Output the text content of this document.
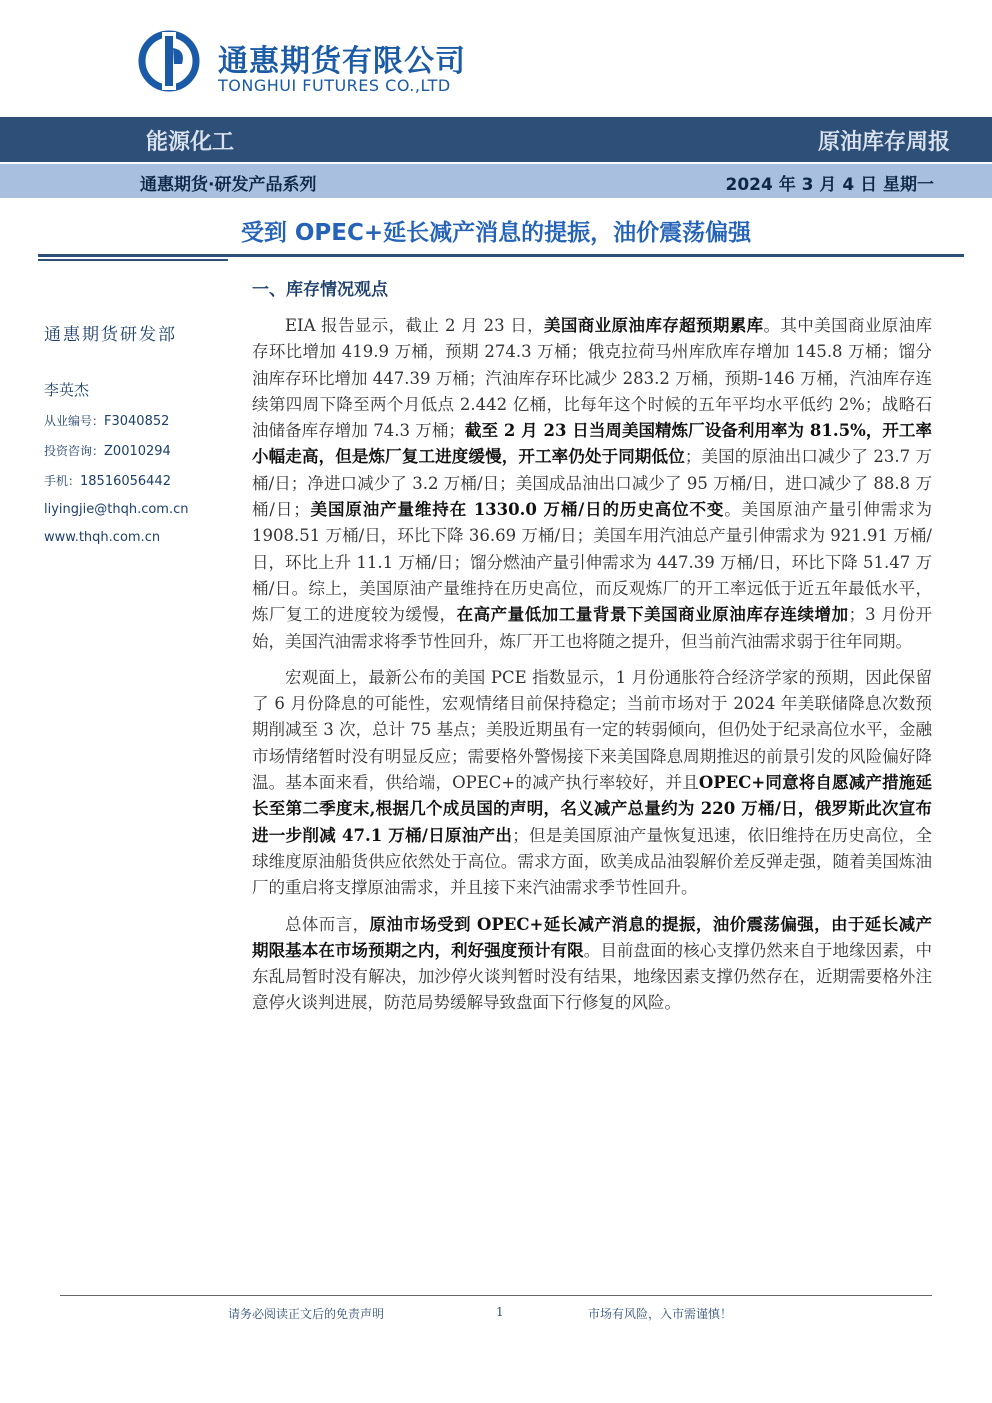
通惠期货有限公司
TONGHUI FUTURES CO.,LTD
能源化工	原油库存周报
通惠期货·研发产品系列	2024 年 3 月 4 日 星期一
受到 OPEC+延长减产消息的提振，油价震荡偏强
通惠期货研发部
李英杰
从业编号：F3040852
投资咨询：Z0010294
手机：18516056442
liyingjie@thqh.com.cn
www.thqh.com.cn
一、库存情况观点

EIA 报告显示，截止 2 月 23 日，美国商业原油库存超预期累库。其中美国商业原油库存环比增加 419.9 万桶，预期 274.3 万桶；俄克拉荷马州库欣库存增加 145.8 万桶；馏分油库存环比增加 447.39 万桶；汽油库存环比减少 283.2 万桶，预期-146 万桶，汽油库存连续第四周下降至两个月低点 2.442 亿桶，比每年这个时候的五年平均水平低约 2%；战略石油储备库存增加 74.3 万桶；截至 2 月 23 日当周美国精炼厂设备利用率为 81.5%，开工率小幅走高，但是炼厂复工进度缓慢，开工率仍处于同期低位；美国的原油出口减少了 23.7 万桶/日；净进口减少了 3.2 万桶/日；美国成品油出口减少了 95 万桶/日，进口减少了 88.8 万桶/日；美国原油产量维持在 1330.0 万桶/日的历史高位不变。美国原油产量引伸需求为 1908.51 万桶/日，环比下降 36.69 万桶/日；美国车用汽油总产量引伸需求为 921.91 万桶/日，环比上升 11.1 万桶/日；馏分燃油产量引伸需求为 447.39 万桶/日，环比下降 51.47 万桶/日。综上，美国原油产量维持在历史高位，而反观炼厂的开工率远低于近五年最低水平，炼厂复工的进度较为缓慢，在高产量低加工量背景下美国商业原油库存连续增加；3 月份开始，美国汽油需求将季节性回升，炼厂开工也将随之提升，但当前汽油需求弱于往年同期。

宏观面上，最新公布的美国 PCE 指数显示，1 月份通胀符合经济学家的预期，因此保留了 6 月份降息的可能性，宏观情绪目前保持稳定；当前市场对于 2024 年美联储降息次数预期削减至 3 次，总计 75 基点；美股近期虽有一定的转弱倾向，但仍处于纪录高位水平，金融市场情绪暂时没有明显反应；需要格外警惕接下来美国降息周期推迟的前景引发的风险偏好降温。基本面来看，供给端，OPEC+的减产执行率较好，并且OPEC+同意将自愿减产措施延长至第二季度末,根据几个成员国的声明，名义减产总量约为 220 万桶/日，俄罗斯此次宣布进一步削减 47.1 万桶/日原油产出；但是美国原油产量恢复迅速，依旧维持在历史高位，全球维度原油船货供应依然处于高位。需求方面，欧美成品油裂解价差反弹走强，随着美国炼油厂的重启将支撑原油需求，并且接下来汽油需求季节性回升。

总体而言，原油市场受到 OPEC+延长减产消息的提振，油价震荡偏强，由于延长减产期限基本在市场预期之内，利好强度预计有限。目前盘面的核心支撑仍然来自于地缘因素，中东乱局暂时没有解决，加沙停火谈判暂时没有结果，地缘因素支撑仍然存在，近期需要格外注意停火谈判进展，防范局势缓解导致盘面下行修复的风险。

请务必阅读正文后的免责声明	1	市场有风险，入市需谨慎！
